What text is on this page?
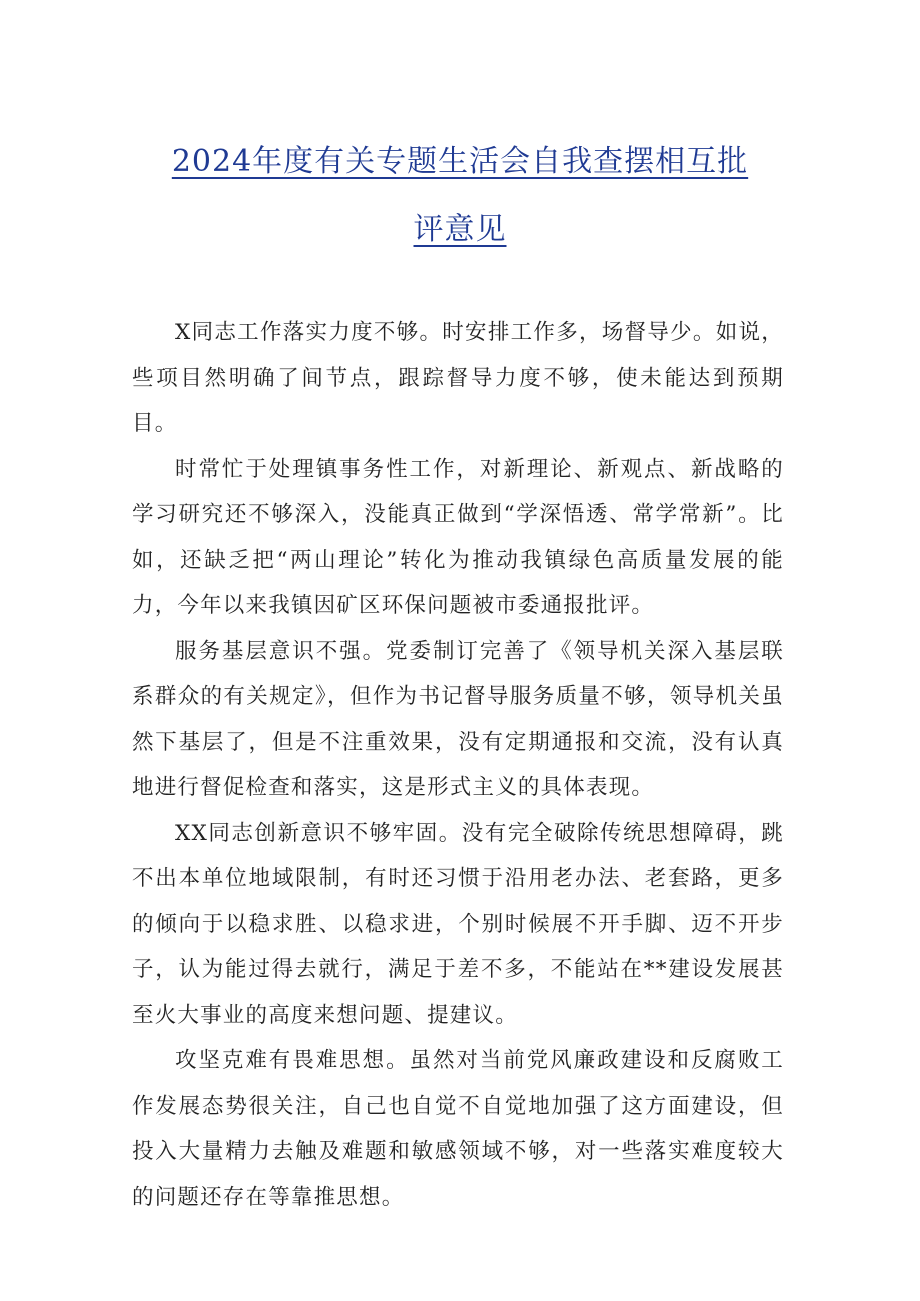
2024年度有关专题生活会自我查摆相互批
评意见

X同志工作落实力度不够。时安排工作多，场督导少。如说，些项目然明确了间节点，跟踪督导力度不够，使未能达到预期目。

时常忙于处理镇事务性工作，对新理论、新观点、新战略的学习研究还不够深入，没能真正做到“学深悟透、常学常新”。比如，还缺乏把“两山理论”转化为推动我镇绿色高质量发展的能力，今年以来我镇因矿区环保问题被市委通报批评。

服务基层意识不强。党委制订完善了《领导机关深入基层联系群众的有关规定》，但作为书记督导服务质量不够，领导机关虽然下基层了，但是不注重效果，没有定期通报和交流，没有认真地进行督促检查和落实，这是形式主义的具体表现。

XX同志创新意识不够牢固。没有完全破除传统思想障碍，跳不出本单位地域限制，有时还习惯于沿用老办法、老套路，更多的倾向于以稳求胜、以稳求进，个别时候展不开手脚、迈不开步子，认为能过得去就行，满足于差不多，不能站在**建设发展甚至火大事业的高度来想问题、提建议。

攻坚克难有畏难思想。虽然对当前党风廉政建设和反腐败工作发展态势很关注，自己也自觉不自觉地加强了这方面建设，但投入大量精力去触及难题和敏感领域不够，对一些落实难度较大的问题还存在等靠推思想。
